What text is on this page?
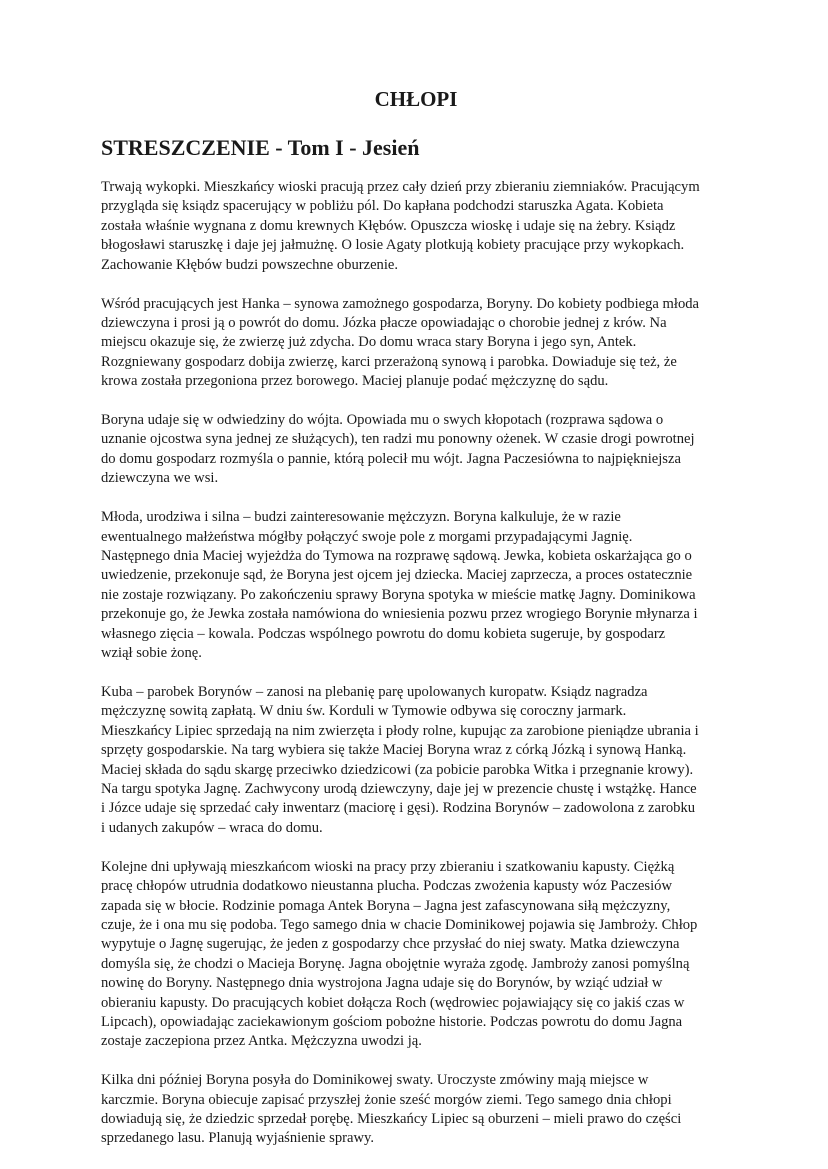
CHŁOPI
STRESZCZENIE - Tom I - Jesień

Trwają wykopki. Mieszkańcy wioski pracują przez cały dzień przy zbieraniu ziemniaków. Pracującym
przygląda się ksiądz spacerujący w pobliżu pól. Do kapłana podchodzi staruszka Agata. Kobieta
została właśnie wygnana z domu krewnych Kłębów. Opuszcza wioskę i udaje się na żebry. Ksiądz
błogosławi staruszkę i daje jej jałmużnę. O losie Agaty plotkują kobiety pracujące przy wykopkach.
Zachowanie Kłębów budzi powszechne oburzenie.

Wśród pracujących jest Hanka – synowa zamożnego gospodarza, Boryny. Do kobiety podbiega młoda
dziewczyna i prosi ją o powrót do domu. Józka płacze opowiadając o chorobie jednej z krów. Na
miejscu okazuje się, że zwierzę już zdycha. Do domu wraca stary Boryna i jego syn, Antek.
Rozgniewany gospodarz dobija zwierzę, karci przerażoną synową i parobka. Dowiaduje się też, że
krowa została przegoniona przez borowego. Maciej planuje podać mężczyznę do sądu.

Boryna udaje się w odwiedziny do wójta. Opowiada mu o swych kłopotach (rozprawa sądowa o
uznanie ojcostwa syna jednej ze służących), ten radzi mu ponowny ożenek. W czasie drogi powrotnej
do domu gospodarz rozmyśla o pannie, którą polecił mu wójt. Jagna Paczesiówna to najpiękniejsza
dziewczyna we wsi.

Młoda, urodziwa i silna – budzi zainteresowanie mężczyzn. Boryna kalkuluje, że w razie
ewentualnego małżeństwa mógłby połączyć swoje pole z morgami przypadającymi Jagnię.
Następnego dnia Maciej wyjeżdża do Tymowa na rozprawę sądową. Jewka, kobieta oskarżająca go o
uwiedzenie, przekonuje sąd, że Boryna jest ojcem jej dziecka. Maciej zaprzecza, a proces ostatecznie
nie zostaje rozwiązany. Po zakończeniu sprawy Boryna spotyka w mieście matkę Jagny. Dominikowa
przekonuje go, że Jewka została namówiona do wniesienia pozwu przez wrogiego Borynie młynarza i
własnego zięcia – kowala. Podczas wspólnego powrotu do domu kobieta sugeruje, by gospodarz
wziął sobie żonę.

Kuba – parobek Borynów – zanosi na plebanię parę upolowanych kuropatw. Ksiądz nagradza
mężczyznę sowitą zapłatą. W dniu św. Korduli w Tymowie odbywa się coroczny jarmark.
Mieszkańcy Lipiec sprzedają na nim zwierzęta i płody rolne, kupując za zarobione pieniądze ubrania i
sprzęty gospodarskie. Na targ wybiera się także Maciej Boryna wraz z córką Józką i synową Hanką.
Maciej składa do sądu skargę przeciwko dziedzicowi (za pobicie parobka Witka i przegnanie krowy).
Na targu spotyka Jagnę. Zachwycony urodą dziewczyny, daje jej w prezencie chustę i wstążkę. Hance
i Józce udaje się sprzedać cały inwentarz (maciorę i gęsi). Rodzina Borynów – zadowolona z zarobku
i udanych zakupów – wraca do domu.

Kolejne dni upływają mieszkańcom wioski na pracy przy zbieraniu i szatkowaniu kapusty. Ciężką
pracę chłopów utrudnia dodatkowo nieustanna plucha. Podczas zwożenia kapusty wóz Paczesiów
zapada się w błocie. Rodzinie pomaga Antek Boryna – Jagna jest zafascynowana siłą mężczyzny,
czuje, że i ona mu się podoba. Tego samego dnia w chacie Dominikowej pojawia się Jambroży. Chłop
wypytuje o Jagnę sugerując, że jeden z gospodarzy chce przysłać do niej swaty. Matka dziewczyna
domyśla się, że chodzi o Macieja Borynę. Jagna obojętnie wyraża zgodę. Jambroży zanosi pomyślną
nowinę do Boryny. Następnego dnia wystrojona Jagna udaje się do Borynów, by wziąć udział w
obieraniu kapusty. Do pracujących kobiet dołącza Roch (wędrowiec pojawiający się co jakiś czas w
Lipcach), opowiadając zaciekawionym gościom pobożne historie. Podczas powrotu do domu Jagna
zostaje zaczepiona przez Antka. Mężczyzna uwodzi ją.

Kilka dni później Boryna posyła do Dominikowej swaty. Uroczyste zmówiny mają miejsce w
karczmie. Boryna obiecuje zapisać przyszłej żonie sześć morgów ziemi. Tego samego dnia chłopi
dowiadują się, że dziedzic sprzedał porębę. Mieszkańcy Lipiec są oburzeni – mieli prawo do części
sprzedanego lasu. Planują wyjaśnienie sprawy.
